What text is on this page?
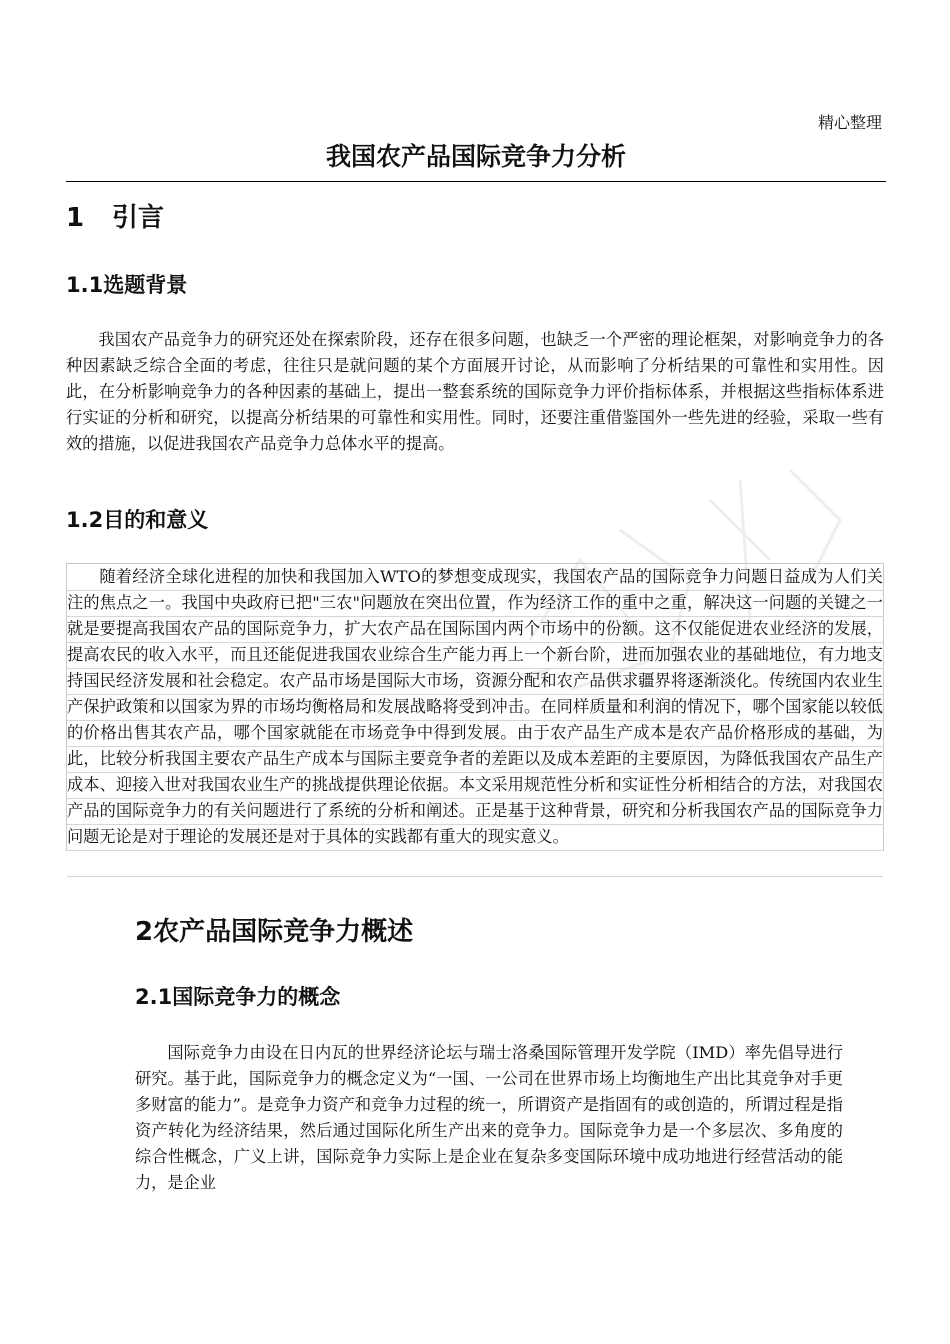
精心整理
我国农产品国际竞争力分析
1 引言
1.1选题背景

我国农产品竞争力的研究还处在探索阶段，还存在很多问题，也缺乏一个严密的理论框架，对影响竞争力的各种因素缺乏综合全面的考虑，往往只是就问题的某个方面展开讨论，从而影响了分析结果的可靠性和实用性。因此，在分析影响竞争力的各种因素的基础上，提出一整套系统的国际竞争力评价指标体系，并根据这些指标体系进行实证的分析和研究，以提高分析结果的可靠性和实用性。同时，还要注重借鉴国外一些先进的经验，采取一些有效的措施，以促进我国农产品竞争力总体水平的提高。

1.2目的和意义

随着经济全球化进程的加快和我国加入WTO的梦想变成现实，我国农产品的国际竞争力问题日益成为人们关注的焦点之一。我国中央政府已把"三农"问题放在突出位置，作为经济工作的重中之重，解决这一问题的关键之一就是要提高我国农产品的国际竞争力，扩大农产品在国际国内两个市场中的份额。这不仅能促进农业经济的发展，提高农民的收入水平，而且还能促进我国农业综合生产能力再上一个新台阶，进而加强农业的基础地位，有力地支持国民经济发展和社会稳定。农产品市场是国际大市场，资源分配和农产品供求疆界将逐渐淡化。传统国内农业生产保护政策和以国家为界的市场均衡格局和发展战略将受到冲击。在同样质量和利润的情况下，哪个国家能以较低的价格出售其农产品，哪个国家就能在市场竞争中得到发展。由于农产品生产成本是农产品价格形成的基础，为此，比较分析我国主要农产品生产成本与国际主要竞争者的差距以及成本差距的主要原因，为降低我国农产品生产成本、迎接入世对我国农业生产的挑战提供理论依据。本文采用规范性分析和实证性分析相结合的方法，对我国农产品的国际竞争力的有关问题进行了系统的分析和阐述。正是基于这种背景，研究和分析我国农产品的国际竞争力问题无论是对于理论的发展还是对于具体的实践都有重大的现实意义。

2农产品国际竞争力概述
2.1国际竞争力的概念

国际竞争力由设在日内瓦的世界经济论坛与瑞士洛桑国际管理开发学院（IMD）率先倡导进行研究。基于此，国际竞争力的概念定义为“一国、一公司在世界市场上均衡地生产出比其竞争对手更多财富的能力”。是竞争力资产和竞争力过程的统一，所谓资产是指固有的或创造的，所谓过程是指资产转化为经济结果，然后通过国际化所生产出来的竞争力。国际竞争力是一个多层次、多角度的综合性概念，广义上讲，国际竞争力实际上是企业在复杂多变国际环境中成功地进行经营活动的能力，是企业
